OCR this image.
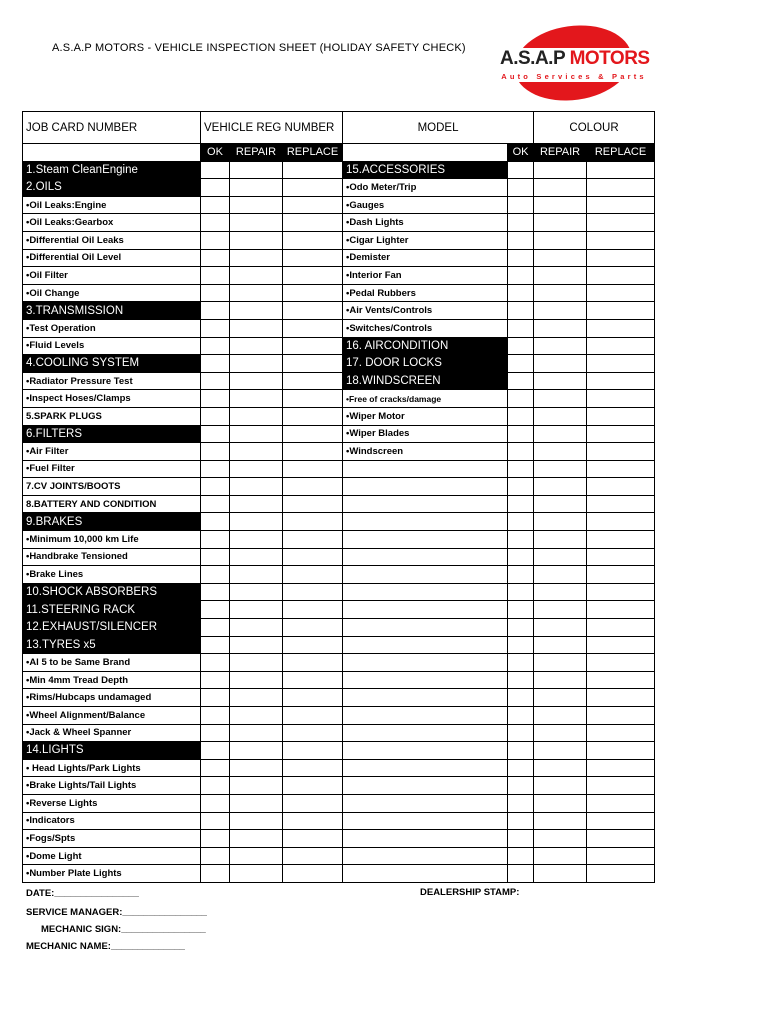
A.S.A.P MOTORS - VEHICLE INSPECTION SHEET (HOLIDAY SAFETY CHECK) A.S.A.P MOTORS
Auto Services & Parts
JOB CARD NUMBER	VEHICLE REG NUMBER			MODEL		COLOUR	
	OK	REPAIR	REPLACE		OK	REPAIR	REPLACE
1.Steam CleanEngine				15.ACCESSORIES			
2.OILS				•Odo Meter/Trip			
•Oil Leaks:Engine				•Gauges			
•Oil Leaks:Gearbox				•Dash Lights			
•Differential Oil Leaks				•Cigar Lighter			
•Differential Oil Level				•Demister			
•Oil Filter				•Interior Fan			
•Oil Change				•Pedal Rubbers			
3.TRANSMISSION				•Air Vents/Controls			
•Test Operation				•Switches/Controls			
•Fluid Levels				16. AIRCONDITION			
4.COOLING SYSTEM				17. DOOR LOCKS			
•Radiator Pressure Test				18.WINDSCREEN			
•Inspect Hoses/Clamps				•Free of cracks/damage			
5.SPARK PLUGS				•Wiper Motor			
6.FILTERS				•Wiper Blades			
•Air Filter				•Windscreen			
•Fuel Filter							
7.CV JOINTS/BOOTS							
8.BATTERY AND CONDITION							
9.BRAKES							
•Minimum 10,000 km Life							
•Handbrake Tensioned							
•Brake Lines							
10.SHOCK ABSORBERS							
11.STEERING RACK							
12.EXHAUST/SILENCER							
13.TYRES x5							
•Al 5 to be Same Brand							
•Min 4mm Tread Depth							
•Rims/Hubcaps undamaged							
•Wheel Alignment/Balance							
•Jack & Wheel Spanner							
14.LIGHTS							
• Head Lights/Park Lights							
•Brake Lights/Tail Lights							
•Reverse Lights							
•Indicators							
•Fogs/Spts							
•Dome Light							
•Number Plate Lights							
DATE:________________	DEALERSHIP STAMP:
SERVICE MANAGER:________________
MECHANIC SIGN:________________
MECHANIC NAME:______________
